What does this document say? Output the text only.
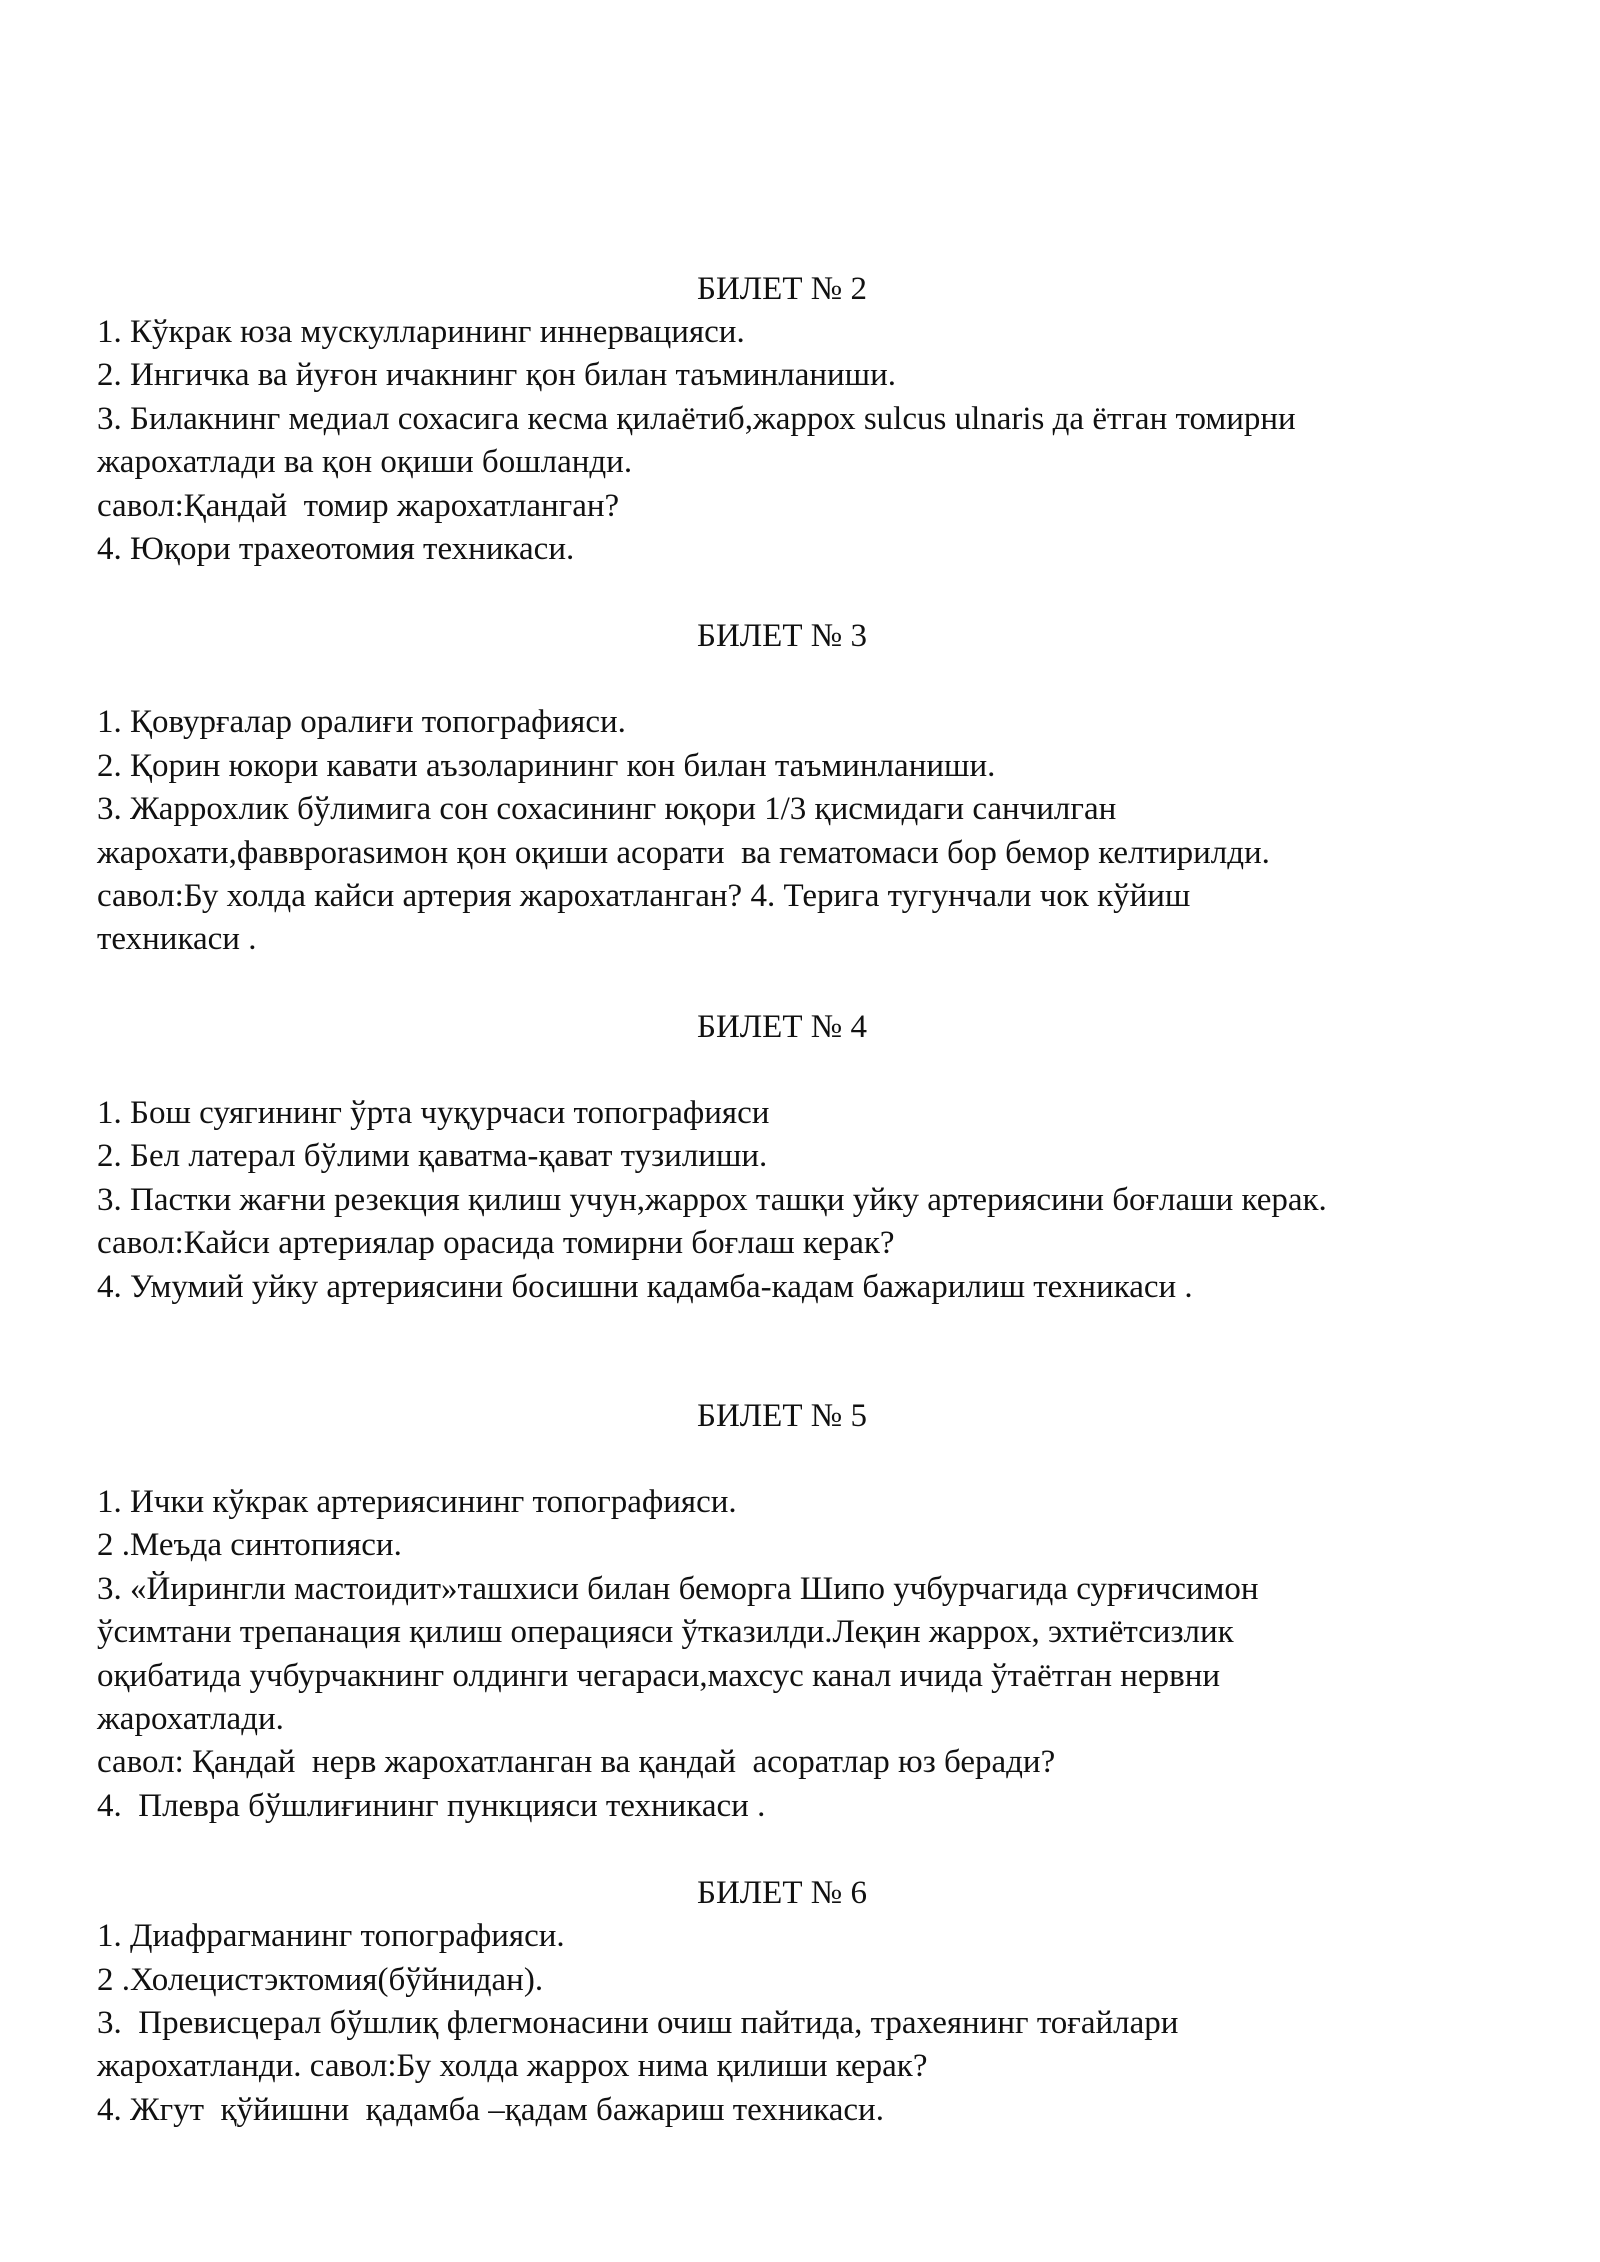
БИЛЕТ № 2

1. Кўкрак юза мускулларининг иннервацияси.

2. Ингичка ва йуғон ичакнинг қон билан таъминланиши.

3. Билакнинг медиал сохасига кесма қилаётиб,жаррох sulcus ulnaris да ётган томирни

жарохатлади ва қон оқиши бошланди.

савол:Қандай  томир жарохатланган?

4. Юқори трахеотомия техникаси.

БИЛЕТ № 3

1. Қовурғалар оралиғи топографияси.

2. Қорин юкори кавати аъзоларининг кон билан таъминланиши.

3. Жаррохлик бўлимига сон сохасининг юқори 1/3 қисмидаги санчилган

жарохати,фаввporasимон қон оқиши асорати  ва гематомаси бор бемор келтирилди.

савол:Бу холда кайси артерия жарохатланган? 4. Терига тугунчали чок кўйиш

техникаси .

БИЛЕТ № 4

1. Бош суягининг ўрта чуқурчаси топографияси

2. Бел латерал бўлими қаватма-қават тузилиши.

3. Пастки жағни резекция қилиш учун,жаррох ташқи уйку артериясини боғлаши керак.

савол:Кайси артериялар орасида томирни боғлаш керак?

4. Умумий уйку артериясини босишни кадамба-кадам бажарилиш техникаси .

БИЛЕТ № 5

1. Ички кўкрак артериясининг топографияси.

2 .Меъда синтопияси.

3. «Йирингли мастоидит»ташхиси билан беморга Шипо учбурчагида сурғичсимон

ўсимтани трепанация қилиш операцияси ўтказилди.Леқин жаррох, эхтиётсизлик

оқибатида учбурчакнинг олдинги чегараси,махсус канал ичида ўтаётган нервни

жарохатлади.

савол: Қандай  нерв жарохатланган ва қандай  асоратлар юз беради?

4.  Плевра бўшлиғининг пункцияси техникаси .

БИЛЕТ № 6

1. Диафрагманинг топографияси.

2 .Холецистэктомия(бўйнидан).

3.  Превисцерал бўшлиқ флегмонасини очиш пайтида, трахеянинг тоғайлари

жарохатланди. савол:Бу холда жаррох нима қилиши керак?

4. Жгут  қўйишни  қадамба –қадам бажариш техникаси.
